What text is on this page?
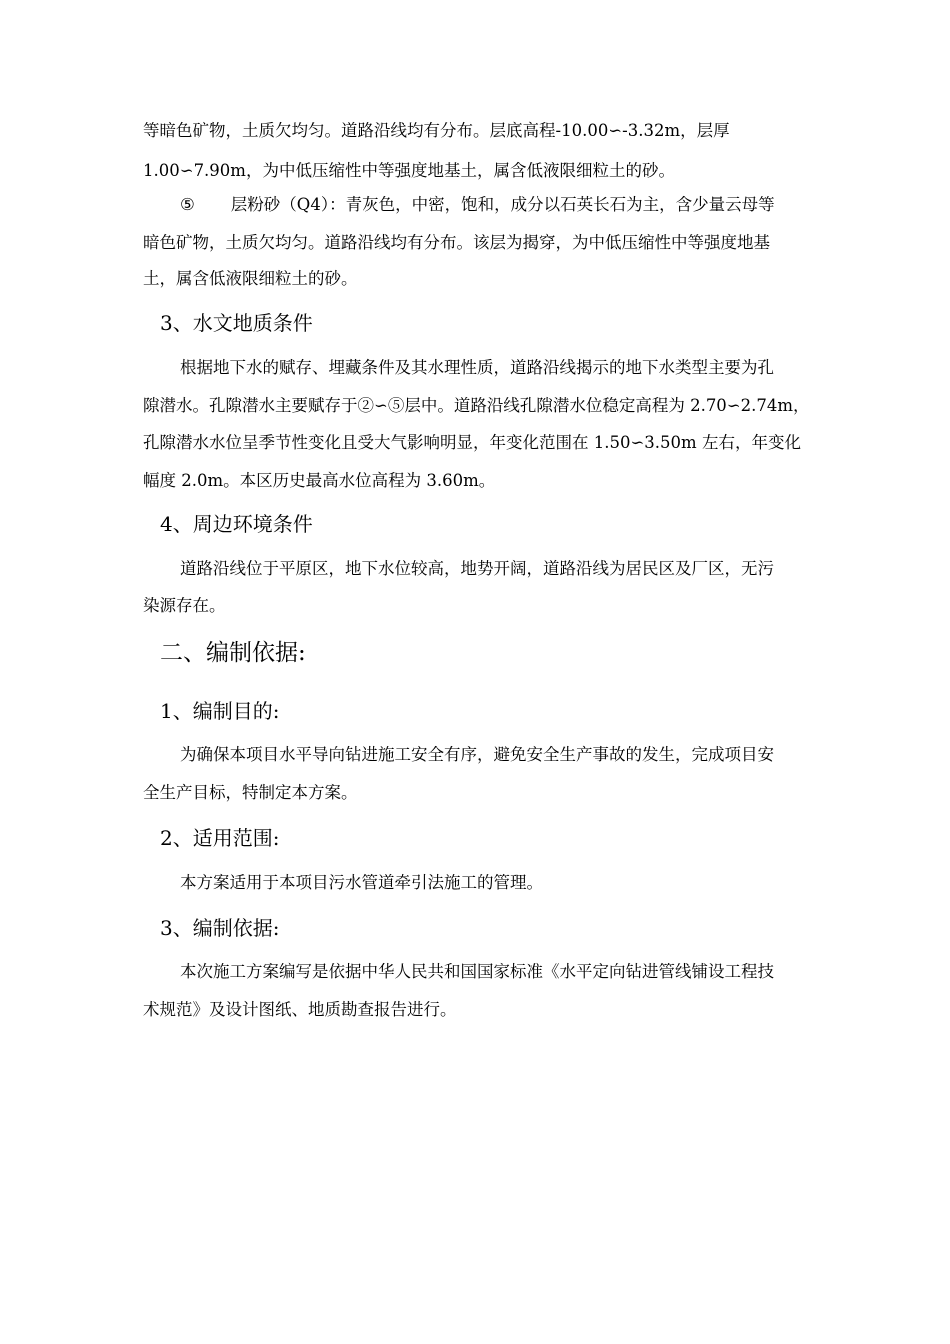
等暗色矿物，土质欠均匀。道路沿线均有分布。层底高程-10.00∽-3.32m，层厚
1.00∽7.90m，为中低压缩性中等强度地基土，属含低液限细粒土的砂。
⑤ 层粉砂（Q4）：青灰色，中密，饱和，成分以石英长石为主，含少量云母等
暗色矿物，土质欠均匀。道路沿线均有分布。该层为揭穿，为中低压缩性中等强度地基
土，属含低液限细粒土的砂。
3、水文地质条件
根据地下水的赋存、埋藏条件及其水理性质，道路沿线揭示的地下水类型主要为孔
隙潜水。孔隙潜水主要赋存于②∽⑤层中。道路沿线孔隙潜水位稳定高程为 2.70∽2.74m，
孔隙潜水水位呈季节性变化且受大气影响明显，年变化范围在 1.50∽3.50m 左右，年变化
幅度 2.0m。本区历史最高水位高程为 3.60m。
4、周边环境条件
道路沿线位于平原区，地下水位较高，地势开阔，道路沿线为居民区及厂区，无污
染源存在。
二、编制依据:
1、编制目的:
为确保本项目水平导向钻进施工安全有序，避免安全生产事故的发生，完成项目安
全生产目标，特制定本方案。
2、适用范围:
本方案适用于本项目污水管道牵引法施工的管理。
3、编制依据:
本次施工方案编写是依据中华人民共和国国家标准《水平定向钻进管线铺设工程技
术规范》及设计图纸、地质勘查报告进行。
